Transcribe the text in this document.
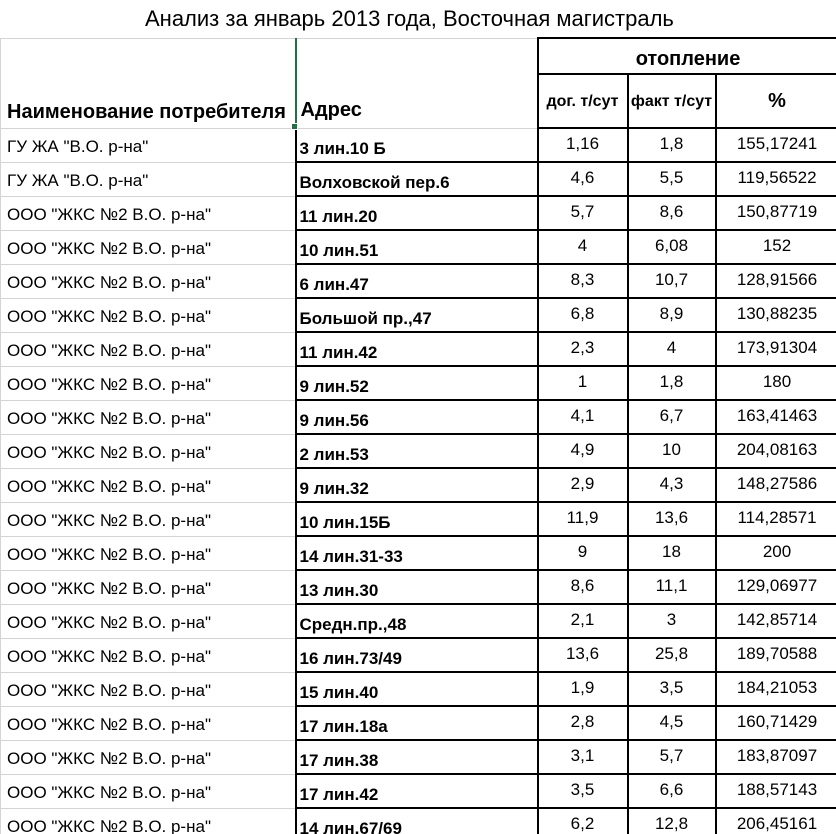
Анализ за январь 2013 года, Восточная магистраль
Наименование потребителя	Адрес	отопление		
		дог. т/сут	факт т/сут	%
ГУ ЖА "В.О. р-на"	3 лин.10 Б	1,16	1,8	155,17241
ГУ ЖА "В.О. р-на"	Волховской пер.6	4,6	5,5	119,56522
ООО "ЖКС №2 В.О. р-на"	11 лин.20	5,7	8,6	150,87719
ООО "ЖКС №2 В.О. р-на"	10 лин.51	4	6,08	152
ООО "ЖКС №2 В.О. р-на"	6 лин.47	8,3	10,7	128,91566
ООО "ЖКС №2 В.О. р-на"	Большой пр.,47	6,8	8,9	130,88235
ООО "ЖКС №2 В.О. р-на"	11 лин.42	2,3	4	173,91304
ООО "ЖКС №2 В.О. р-на"	9 лин.52	1	1,8	180
ООО "ЖКС №2 В.О. р-на"	9 лин.56	4,1	6,7	163,41463
ООО "ЖКС №2 В.О. р-на"	2 лин.53	4,9	10	204,08163
ООО "ЖКС №2 В.О. р-на"	9 лин.32	2,9	4,3	148,27586
ООО "ЖКС №2 В.О. р-на"	10 лин.15Б	11,9	13,6	114,28571
ООО "ЖКС №2 В.О. р-на"	14 лин.31-33	9	18	200
ООО "ЖКС №2 В.О. р-на"	13 лин.30	8,6	11,1	129,06977
ООО "ЖКС №2 В.О. р-на"	Средн.пр.,48	2,1	3	142,85714
ООО "ЖКС №2 В.О. р-на"	16 лин.73/49	13,6	25,8	189,70588
ООО "ЖКС №2 В.О. р-на"	15 лин.40	1,9	3,5	184,21053
ООО "ЖКС №2 В.О. р-на"	17 лин.18а	2,8	4,5	160,71429
ООО "ЖКС №2 В.О. р-на"	17 лин.38	3,1	5,7	183,87097
ООО "ЖКС №2 В.О. р-на"	17 лин.42	3,5	6,6	188,57143
ООО "ЖКС №2 В.О. р-на"	14 лин.67/69	6,2	12,8	206,45161
